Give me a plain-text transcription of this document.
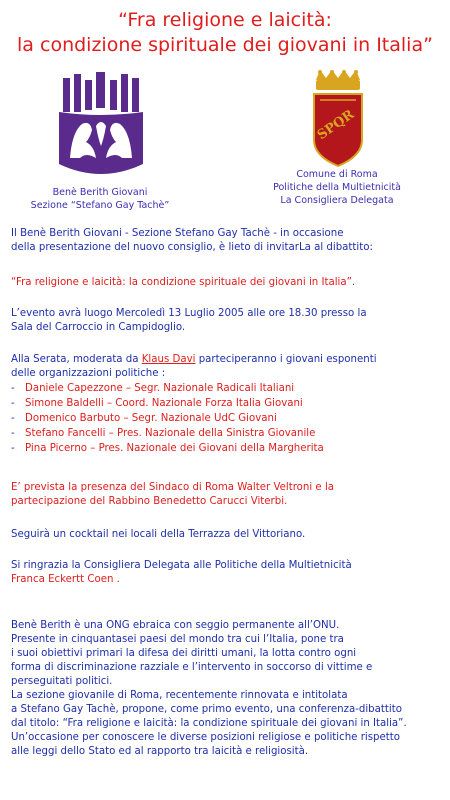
“Fra religione e laicità:
la condizione spirituale dei giovani in Italia”
SPQR
Benè Berith Giovani
Sezione “Stefano Gay Tachè”
Comune di Roma
Politiche della Multietnicità
La Consigliera Delegata

Il Benè Berith Giovani - Sezione Stefano Gay Tachè - in occasione

della presentazione del nuovo consiglio, è lieto di invitarLa al dibattito:

“Fra religione e laicità: la condizione spirituale dei giovani in Italia”.

L’evento avrà luogo Mercoledì 13 Luglio 2005 alle ore 18.30 presso la

Sala del Carroccio in Campidoglio.

Alla Serata, moderata da Klaus Davi parteciperanno i giovani esponenti

delle organizzazioni politiche :

- Daniele Capezzone – Segr. Nazionale Radicali Italiani
- Simone Baldelli – Coord. Nazionale Forza Italia Giovani
- Domenico Barbuto – Segr. Nazionale UdC Giovani
- Stefano Fancelli – Pres. Nazionale della Sinistra Giovanile
- Pina Picerno – Pres. Nazionale dei Giovani della Margherita

E’ prevista la presenza del Sindaco di Roma Walter Veltroni e la

partecipazione del Rabbino Benedetto Carucci Viterbi.

Seguirà un cocktail nei locali della Terrazza del Vittoriano.

Si ringrazia la Consigliera Delegata alle Politiche della Multietnicità

Franca Eckertt Coen .

Benè Berith è una ONG ebraica con seggio permanente all’ONU.

Presente in cinquantasei paesi del mondo tra cui l’Italia, pone tra

i suoi obiettivi primari la difesa dei diritti umani, la lotta contro ogni

forma di discriminazione razziale e l’intervento in soccorso di vittime e

perseguitati politici.

La sezione giovanile di Roma, recentemente rinnovata e intitolata

a Stefano Gay Tachè, propone, come primo evento, una conferenza-dibattito

dal titolo: “Fra religione e laicità: la condizione spirituale dei giovani in Italia”.

Un’occasione per conoscere le diverse posizioni religiose e politiche rispetto

alle leggi dello Stato ed al rapporto tra laicità e religiosità.
